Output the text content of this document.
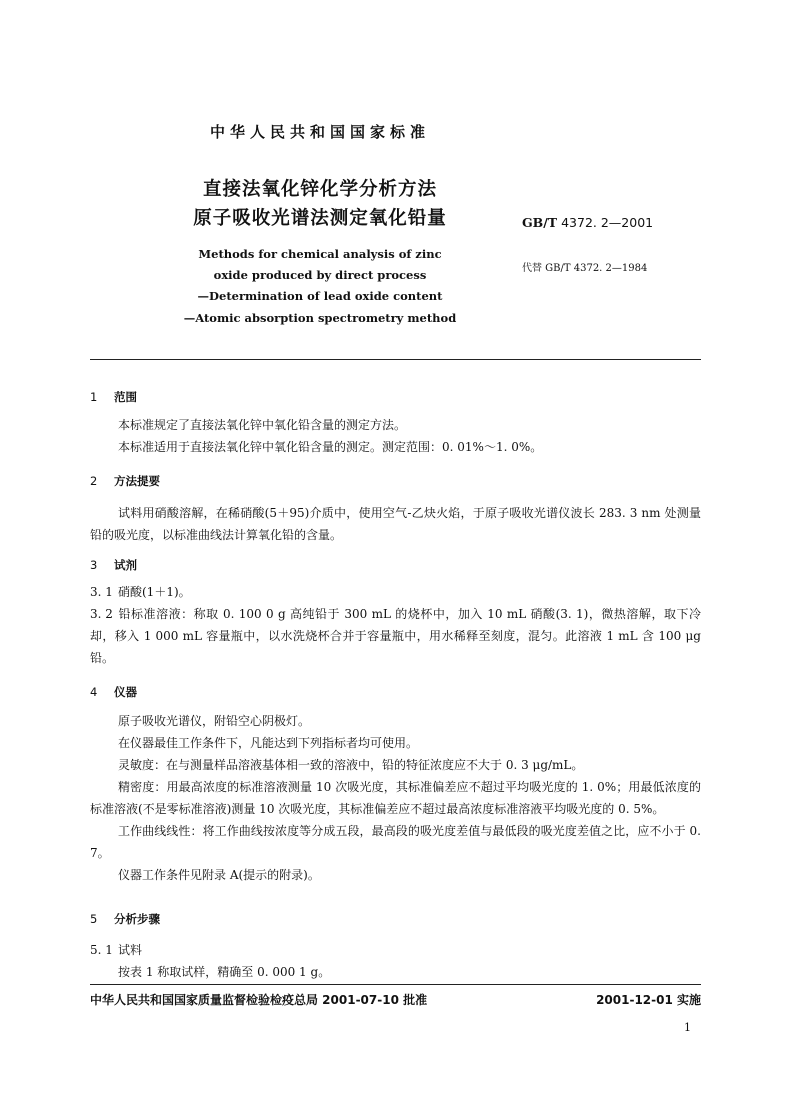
中华人民共和国国家标准
直接法氧化锌化学分析方法
原子吸收光谱法测定氧化铅量	GB/T 4372. 2—2001
代替 GB/T 4372. 2—1984
Methods for chemical analysis of zinc
oxide produced by direct process
—Determination of lead oxide content
—Atomic absorption spectrometry method
1 范围

本标准规定了直接法氧化锌中氧化铅含量的测定方法。

本标准适用于直接法氧化锌中氧化铅含量的测定。测定范围：0. 01%～1. 0%。

2 方法提要

试料用硝酸溶解，在稀硝酸(5＋95)介质中，使用空气-乙炔火焰，于原子吸收光谱仪波长 283. 3 nm 处测量铅的吸光度，以标准曲线法计算氧化铅的含量。

3 试剂

3. 1 硝酸(1＋1)。

3. 2 铅标准溶液：称取 0. 100 0 g 高纯铅于 300 mL 的烧杯中，加入 10 mL 硝酸(3. 1)，微热溶解，取下冷却，移入 1 000 mL 容量瓶中，以水洗烧杯合并于容量瓶中，用水稀释至刻度，混匀。此溶液 1 mL 含 100 μg 铅。

4 仪器

原子吸收光谱仪，附铅空心阴极灯。

在仪器最佳工作条件下，凡能达到下列指标者均可使用。

灵敏度：在与测量样品溶液基体相一致的溶液中，铅的特征浓度应不大于 0. 3 μg/mL。

精密度：用最高浓度的标准溶液测量 10 次吸光度，其标准偏差应不超过平均吸光度的 1. 0%；用最低浓度的标准溶液(不是零标准溶液)测量 10 次吸光度，其标准偏差应不超过最高浓度标准溶液平均吸光度的 0. 5%。

工作曲线线性：将工作曲线按浓度等分成五段，最高段的吸光度差值与最低段的吸光度差值之比，应不小于 0. 7。

仪器工作条件见附录 A(提示的附录)。

5 分析步骤

5. 1 试料

按表 1 称取试样，精确至 0. 000 1 g。

中华人民共和国国家质量监督检验检疫总局 2001-07-10 批准	2001-12-01 实施
1
